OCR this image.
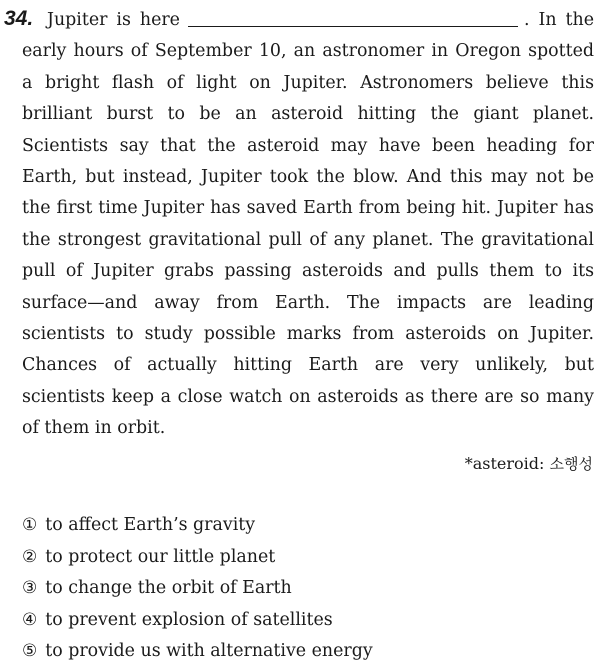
34. Jupiter is here	. In the early hours of September 10, an astronomer in Oregon spotted a bright flash of light on Jupiter. Astronomers believe this brilliant burst to be an asteroid hitting the giant planet. Scientists say that the asteroid may have been heading for Earth, but instead, Jupiter took the blow. And this may not be the first time Jupiter has saved Earth from being hit. Jupiter has the strongest gravitational pull of any planet. The gravitational pull of Jupiter grabs passing asteroids and pulls them to its surface—and away from Earth. The impacts are leading scientists to study possible marks from asteroids on Jupiter. Chances of actually hitting Earth are very unlikely, but scientists keep a close watch on asteroids as there are so many of them in orbit.

*asteroid: 소행성
① to affect Earth’s gravity
② to protect our little planet
③ to change the orbit of Earth
④ to prevent explosion of satellites
⑤ to provide us with alternative energy
